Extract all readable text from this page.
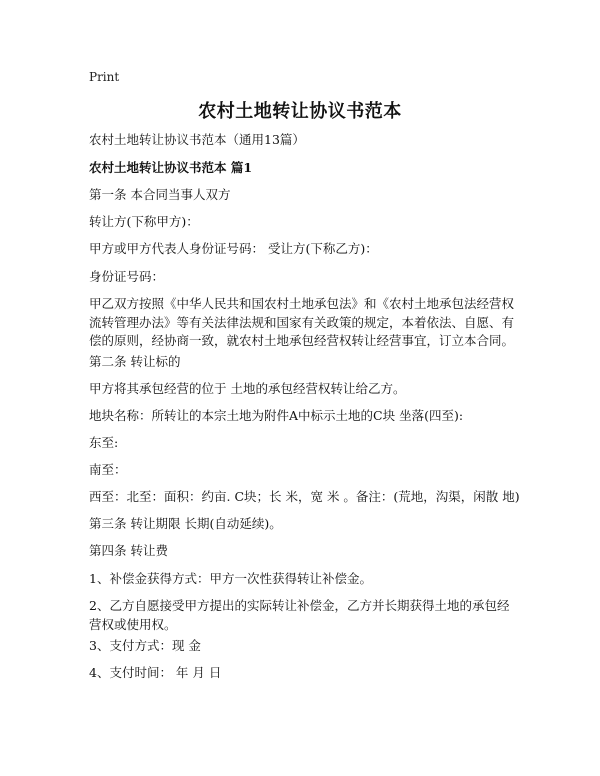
Print
农村土地转让协议书范本

农村土地转让协议书范本（通用13篇）

农村土地转让协议书范本 篇1

第一条 本合同当事人双方

转让方(下称甲方)：

甲方或甲方代表人身份证号码： 受让方(下称乙方)：

身份证号码：

甲乙双方按照《中华人民共和国农村土地承包法》和《农村土地承包法经营权流转管理办法》等有关法律法规和国家有关政策的规定，本着依法、自愿、有偿的原则，经协商一致，就农村土地承包经营权转让经营事宜，订立本合同。

第二条 转让标的

甲方将其承包经营的位于 土地的承包经营权转让给乙方。

地块名称：所转让的本宗土地为附件A中标示土地的C块 坐落(四至):

东至:

南至：

西至：北至：面积：约亩. C块；长 米，宽 米 。备注：(荒地，沟渠，闲散 地)

第三条 转让期限 长期(自动延续)。

第四条 转让费

1、补偿金获得方式：甲方一次性获得转让补偿金。

2、乙方自愿接受甲方提出的实际转让补偿金，乙方并长期获得土地的承包经营权或使用权。

3、支付方式：现 金

4、支付时间： 年 月 日
